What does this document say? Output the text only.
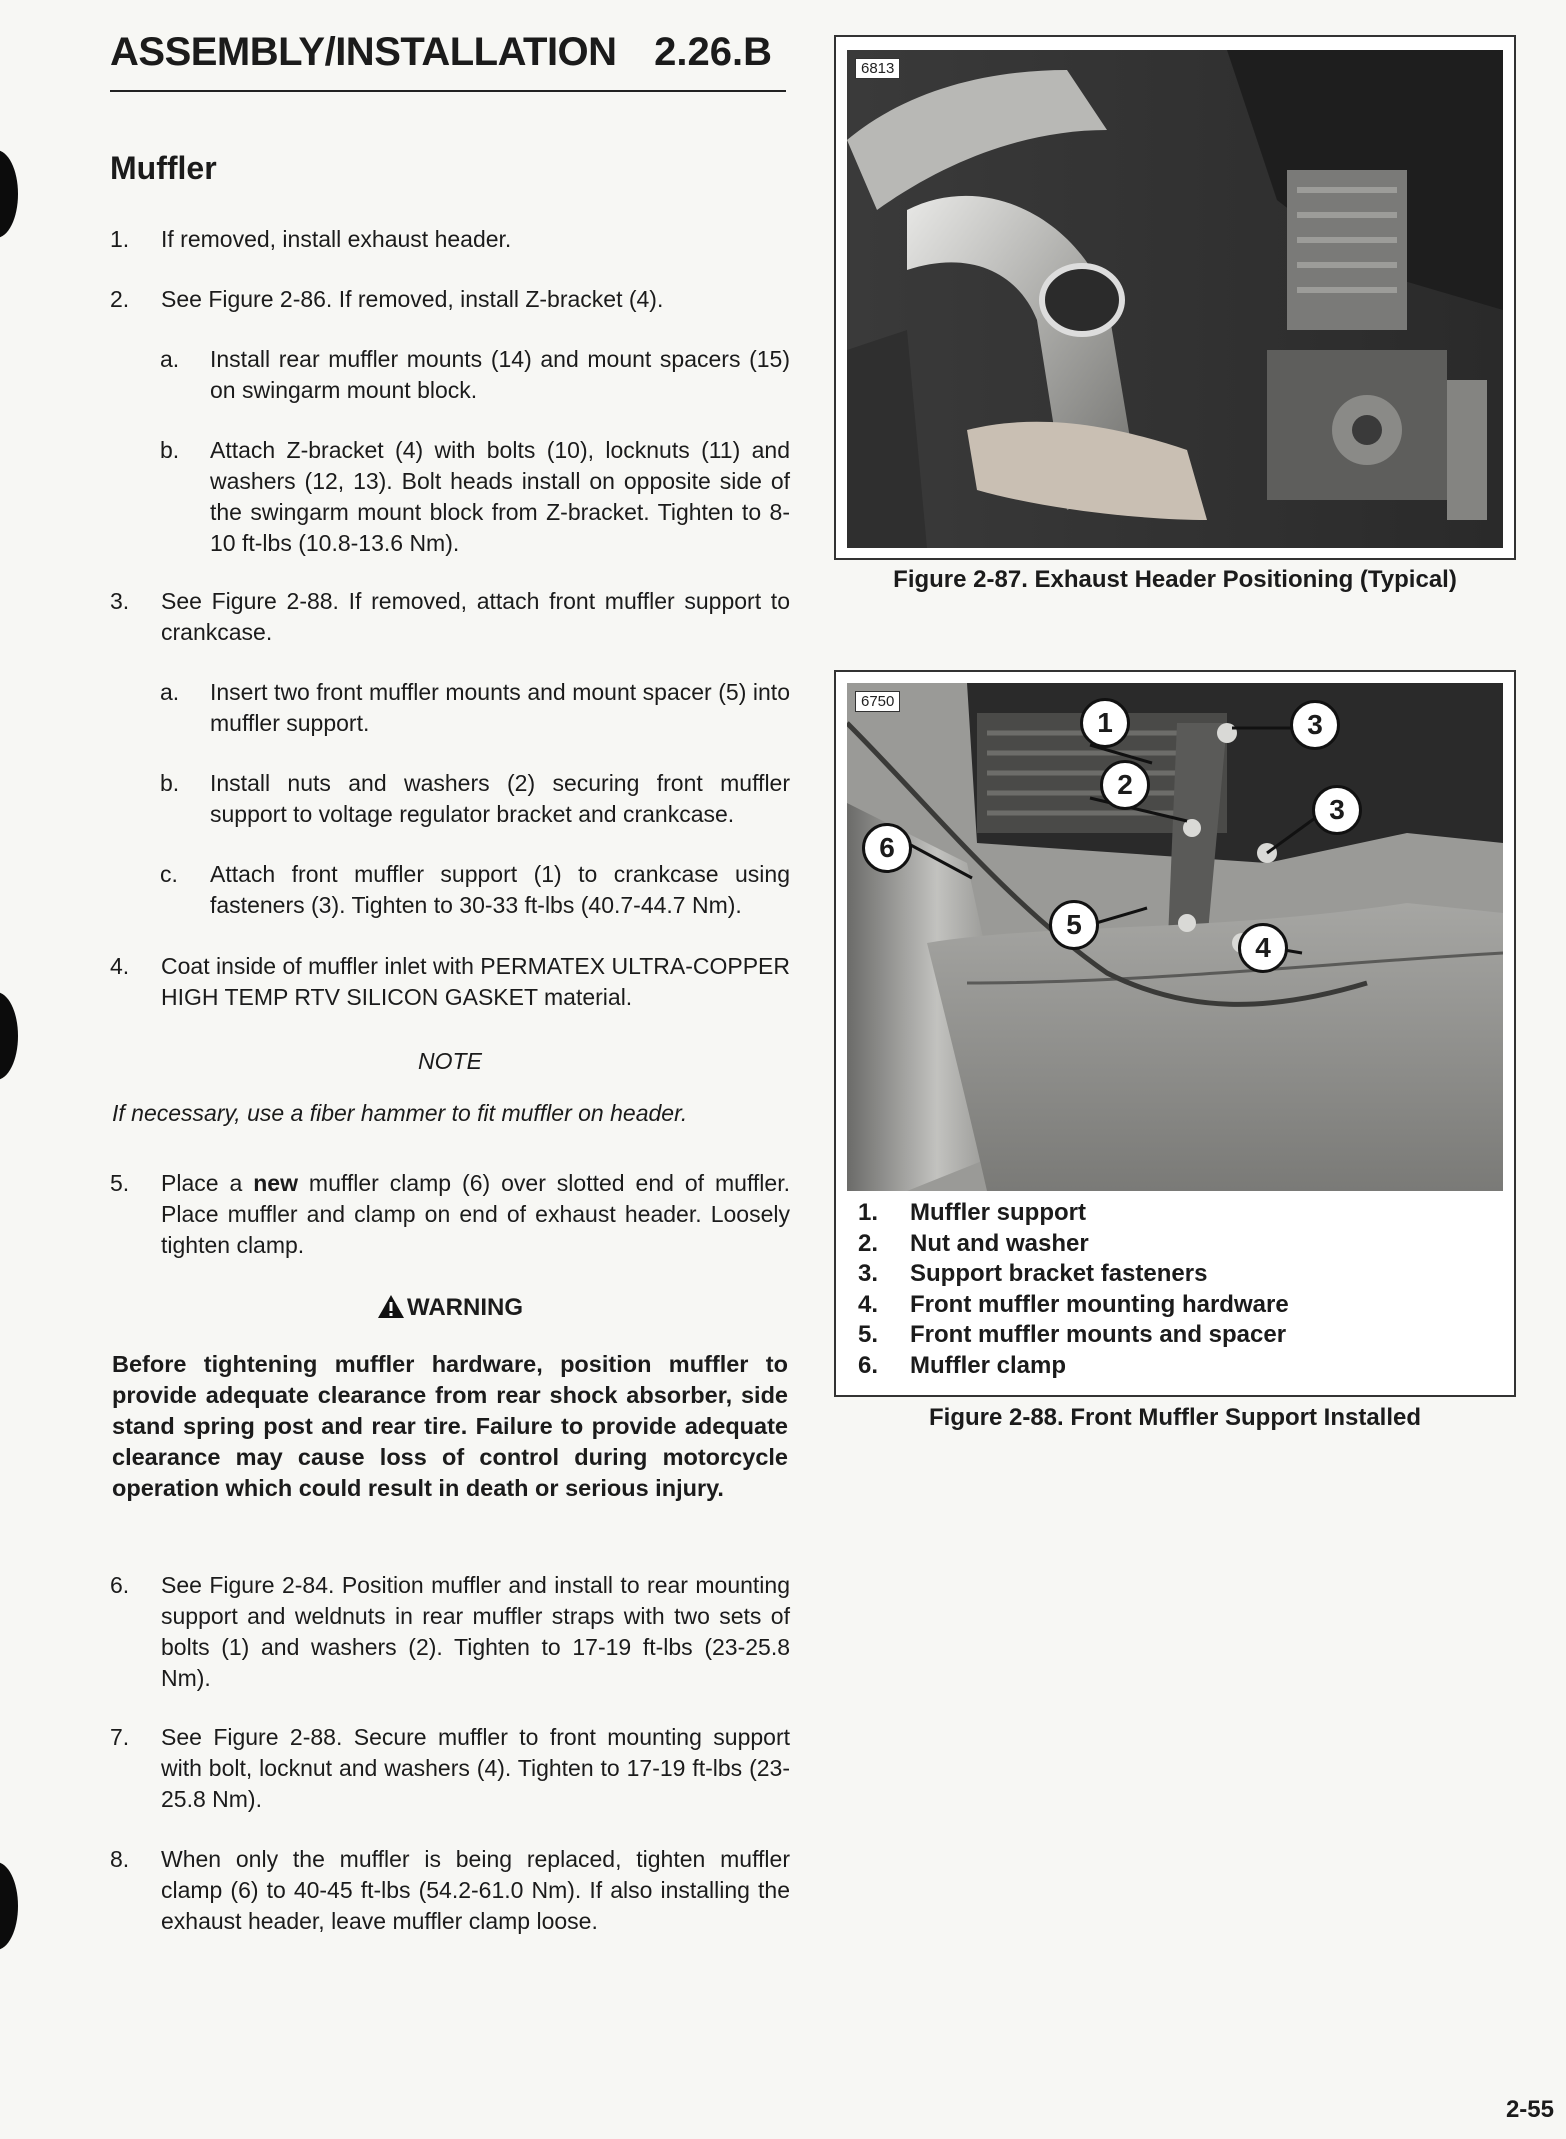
ASSEMBLY/INSTALLATION 2.26.B
Muffler
1. If removed, install exhaust header.
2. See Figure 2-86. If removed, install Z-bracket (4).
a. Install rear muffler mounts (14) and mount spacers (15) on swingarm mount block.
b. Attach Z-bracket (4) with bolts (10), locknuts (11) and washers (12, 13). Bolt heads install on opposite side of the swingarm mount block from Z-bracket. Tighten to 8-10 ft-lbs (10.8-13.6 Nm).
3. See Figure 2-88. If removed, attach front muffler support to crankcase.
a. Insert two front muffler mounts and mount spacer (5) into muffler support.
b. Install nuts and washers (2) securing front muffler support to voltage regulator bracket and crankcase.
c. Attach front muffler support (1) to crankcase using fasteners (3). Tighten to 30-33 ft-lbs (40.7-44.7 Nm).
4. Coat inside of muffler inlet with PERMATEX ULTRA-COPPER HIGH TEMP RTV SILICON GASKET material.
NOTE
If necessary, use a fiber hammer to fit muffler on header.
5. Place a new muffler clamp (6) over slotted end of muffler. Place muffler and clamp on end of exhaust header. Loosely tighten clamp.
WARNING
Before tightening muffler hardware, position muffler to provide adequate clearance from rear shock absorber, side stand spring post and rear tire. Failure to provide adequate clearance may cause loss of control during motorcycle operation which could result in death or serious injury.
6. See Figure 2-84. Position muffler and install to rear mounting support and weldnuts in rear muffler straps with two sets of bolts (1) and washers (2). Tighten to 17-19 ft-lbs (23-25.8 Nm).
7. See Figure 2-88. Secure muffler to front mounting support with bolt, locknut and washers (4). Tighten to 17-19 ft-lbs (23-25.8 Nm).
8. When only the muffler is being replaced, tighten muffler clamp (6) to 40-45 ft-lbs (54.2-61.0 Nm). If also installing the exhaust header, leave muffler clamp loose.
6813
Figure 2-87. Exhaust Header Positioning (Typical)
6750
1
2
3
3
4
5
6
1. Muffler support
2. Nut and washer
3. Support bracket fasteners
4. Front muffler mounting hardware
5. Front muffler mounts and spacer
6. Muffler clamp
Figure 2-88. Front Muffler Support Installed
2-55
